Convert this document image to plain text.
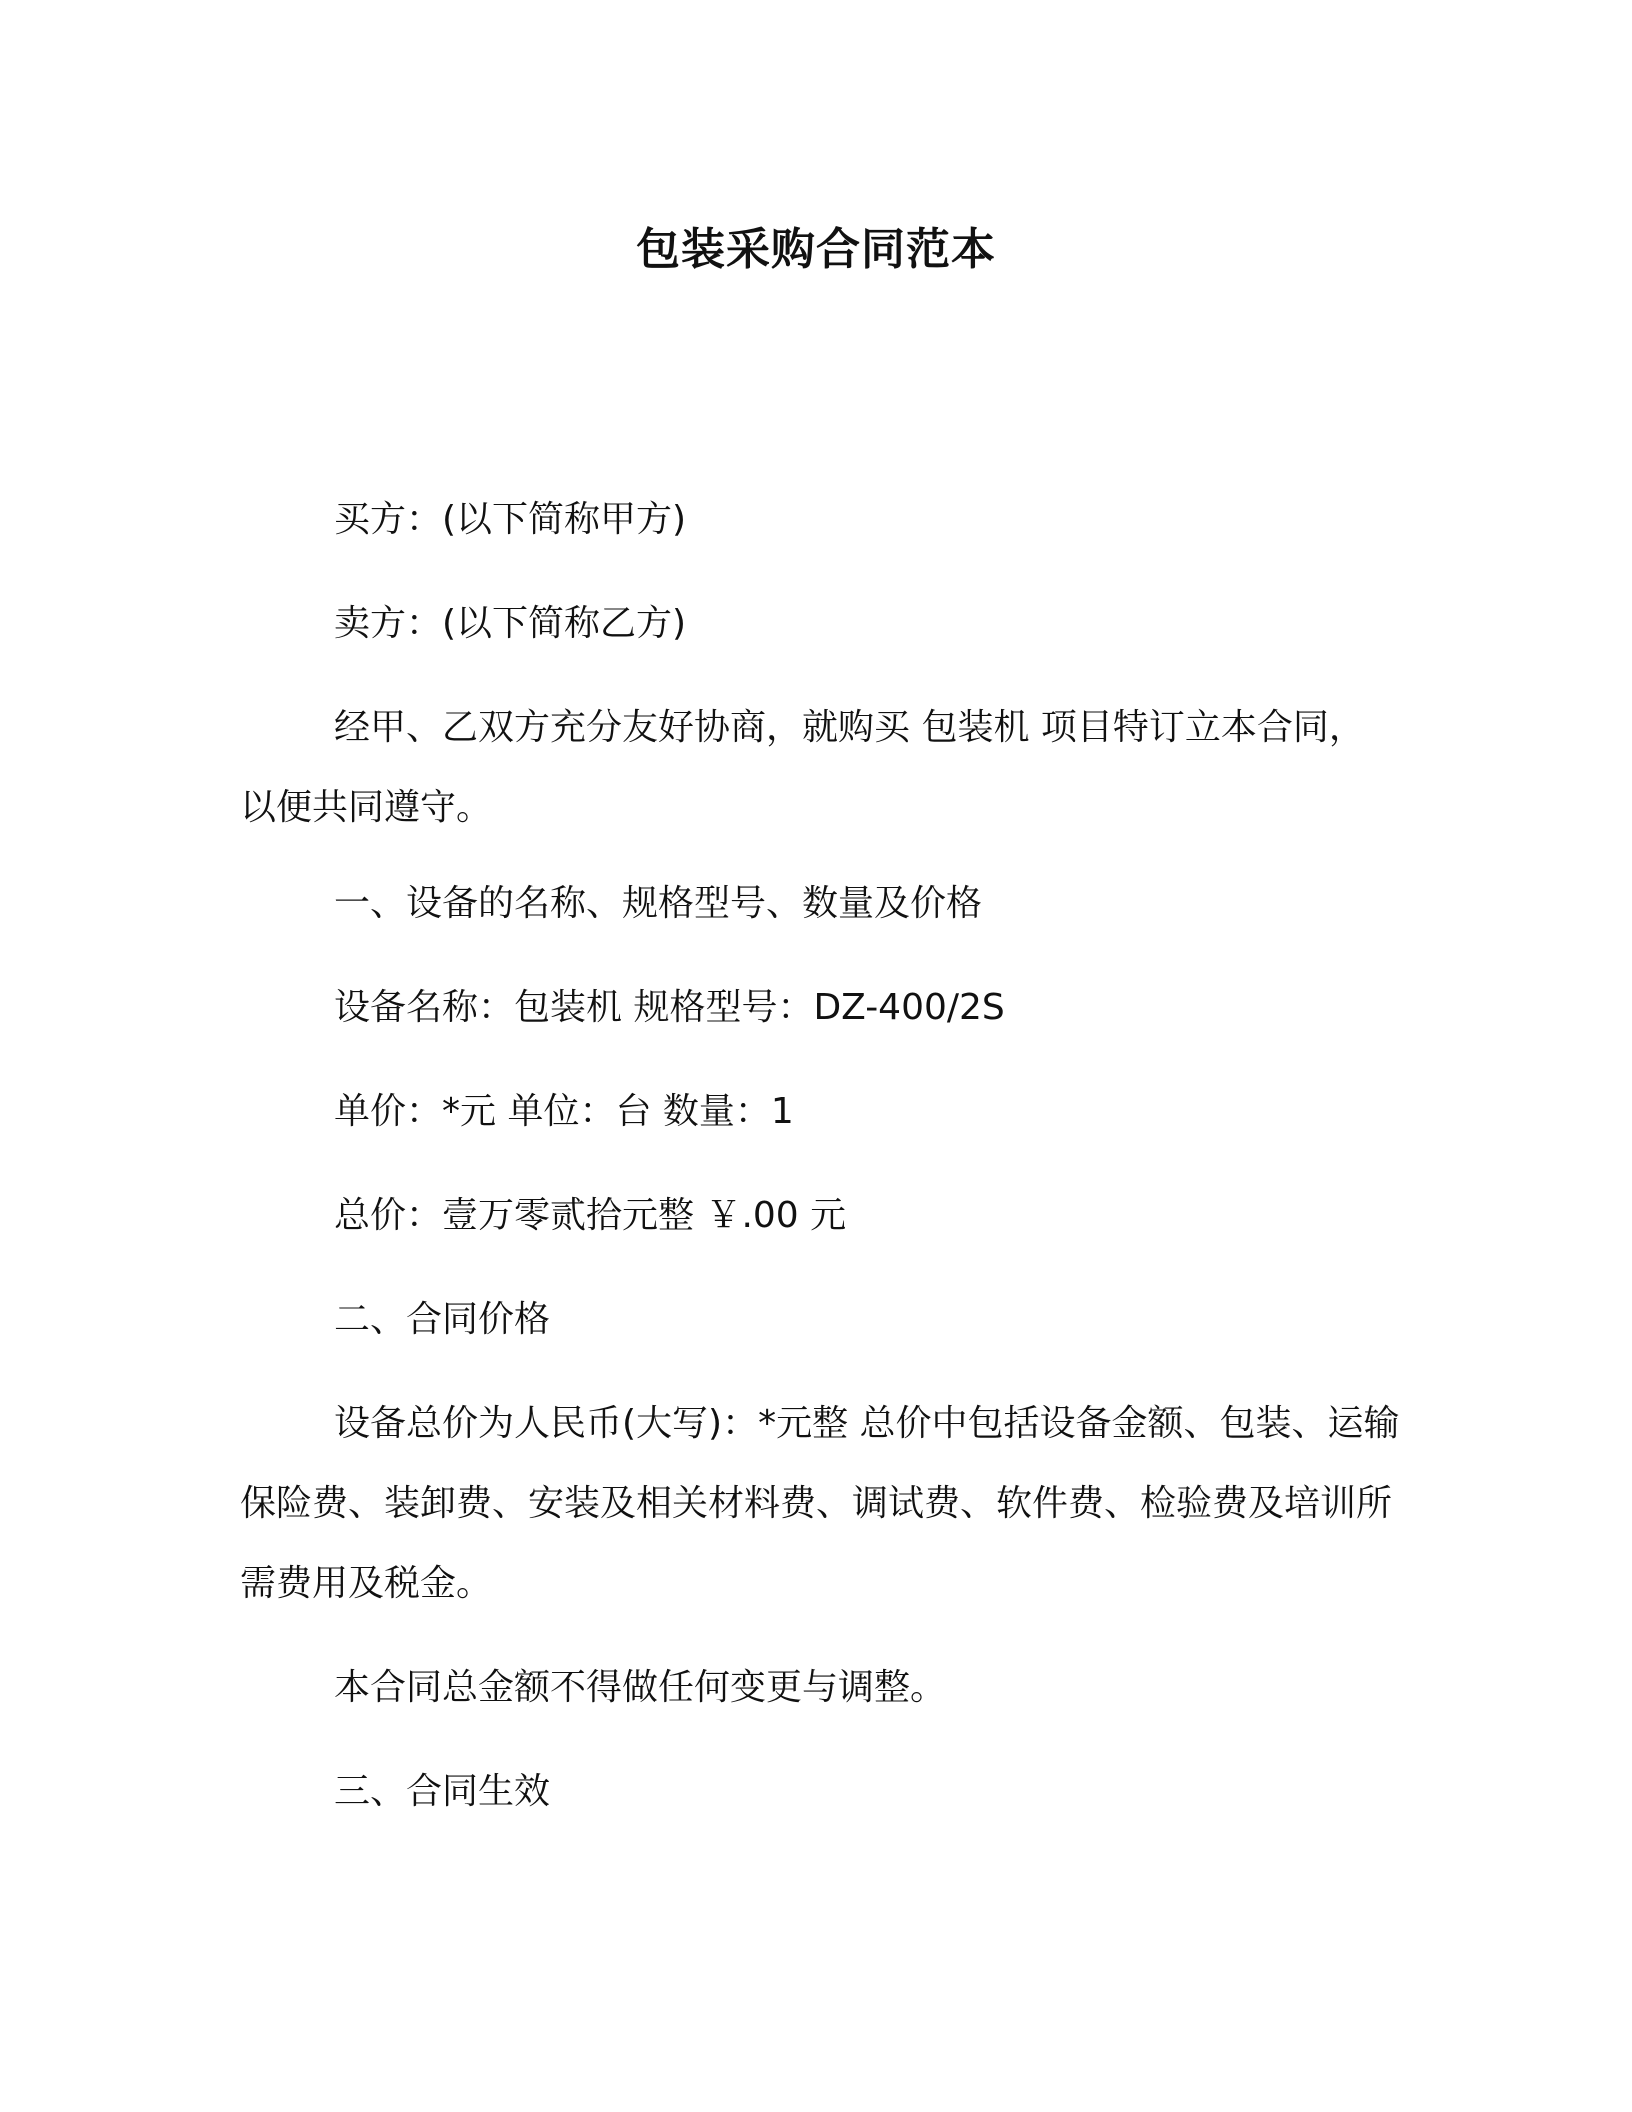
包装采购合同范本
买方：(以下简称甲方)
卖方：(以下简称乙方)
经甲、乙双方充分友好协商，就购买 包装机 项目特订立本合同，以便共同遵守。
一、设备的名称、规格型号、数量及价格
设备名称：包装机 规格型号：DZ-400/2S
单价：*元 单位：台 数量：1
总价：壹万零贰拾元整 ￥.00 元
二、合同价格
设备总价为人民币(大写)：*元整 总价中包括设备金额、包装、运输保险费、装卸费、安装及相关材料费、调试费、软件费、检验费及培训所需费用及税金。
本合同总金额不得做任何变更与调整。
三、合同生效
